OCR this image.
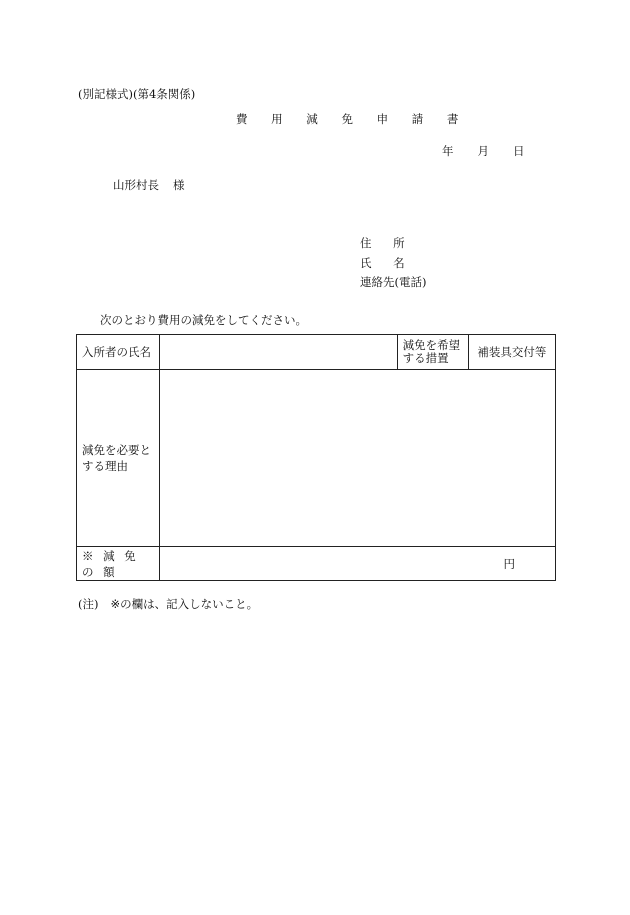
(別記様式)(第4条関係)
費 用 減 免 申 請 書
年 月 日
山形村長 様
住 所
氏 名
連絡先(電話)
次のとおり費用の減免をしてください。
入所者の氏名		減免を希望する措置	補装具交付等
減免を必要とする理由			
※ 減 免 の 額	円		
(注) ※の欄は、記入しないこと。
